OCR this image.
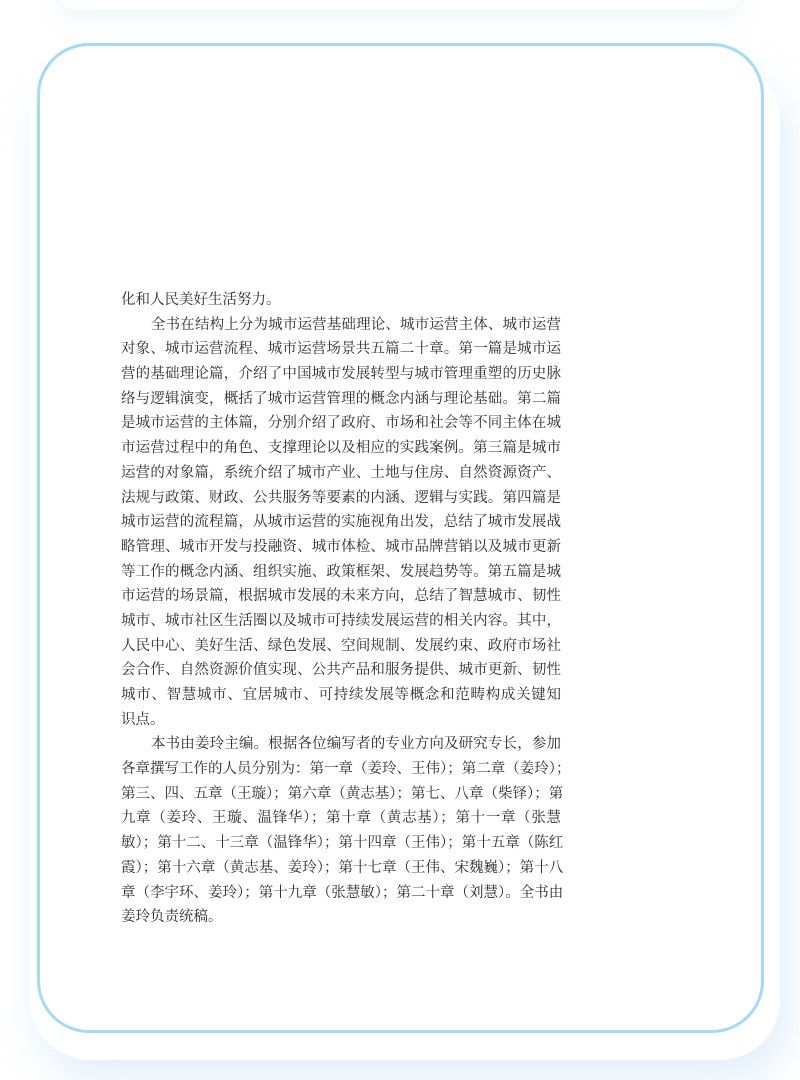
化和人民美好生活努力。
全书在结构上分为城市运营基础理论、城市运营主体、城市运营
对象、城市运营流程、城市运营场景共五篇二十章。第一篇是城市运
营的基础理论篇，介绍了中国城市发展转型与城市管理重塑的历史脉
络与逻辑演变，概括了城市运营管理的概念内涵与理论基础。第二篇
是城市运营的主体篇，分别介绍了政府、市场和社会等不同主体在城
市运营过程中的角色、支撑理论以及相应的实践案例。第三篇是城市
运营的对象篇，系统介绍了城市产业、土地与住房、自然资源资产、
法规与政策、财政、公共服务等要素的内涵、逻辑与实践。第四篇是
城市运营的流程篇，从城市运营的实施视角出发，总结了城市发展战
略管理、城市开发与投融资、城市体检、城市品牌营销以及城市更新
等工作的概念内涵、组织实施、政策框架、发展趋势等。第五篇是城
市运营的场景篇，根据城市发展的未来方向，总结了智慧城市、韧性
城市、城市社区生活圈以及城市可持续发展运营的相关内容。其中，
人民中心、美好生活、绿色发展、空间规制、发展约束、政府市场社
会合作、自然资源价值实现、公共产品和服务提供、城市更新、韧性
城市、智慧城市、宜居城市、可持续发展等概念和范畴构成关键知
识点。
本书由姜玲主编。根据各位编写者的专业方向及研究专长，参加
各章撰写工作的人员分别为：第一章（姜玲、王伟）；第二章（姜玲）；
第三、四、五章（王璇）；第六章（黄志基）；第七、八章（柴铎）；第
九章（姜玲、王璇、温锋华）；第十章（黄志基）；第十一章（张慧
敏）；第十二、十三章（温锋华）；第十四章（王伟）；第十五章（陈红
霞）；第十六章（黄志基、姜玲）；第十七章（王伟、宋魏巍）；第十八
章（李宇环、姜玲）；第十九章（张慧敏）；第二十章（刘慧）。全书由
姜玲负责统稿。
